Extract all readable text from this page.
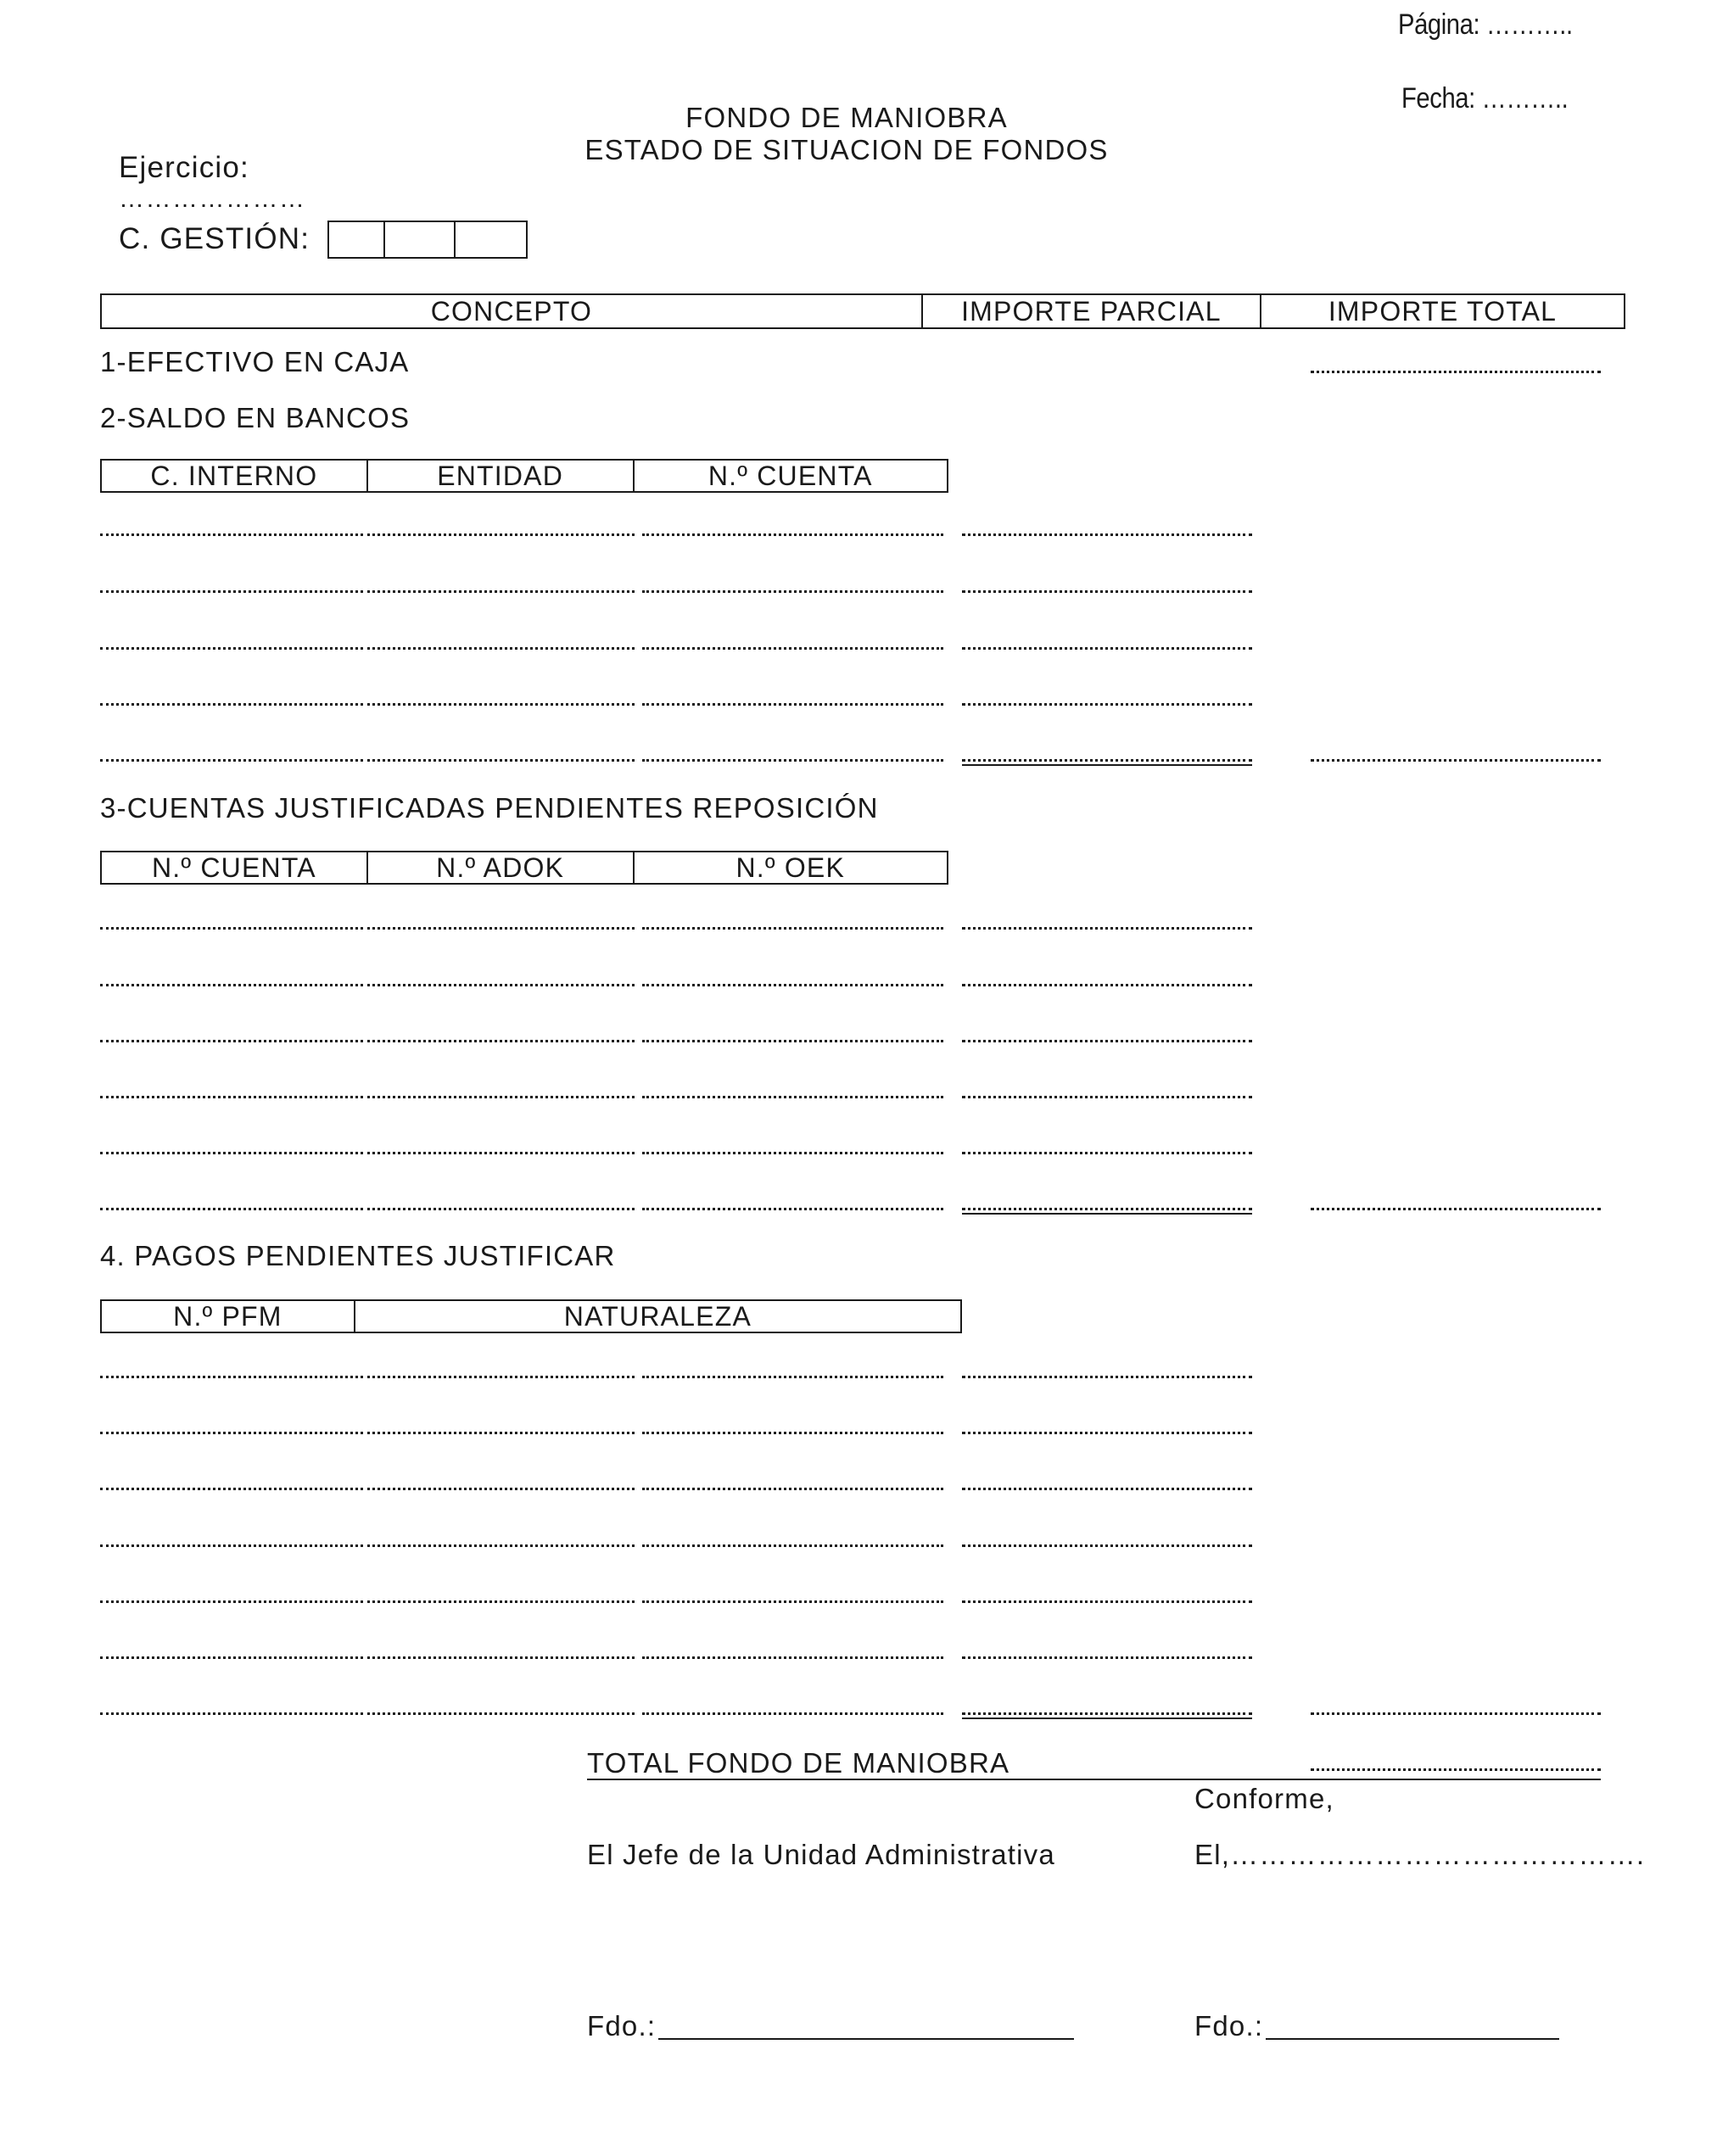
Página: ………..
Fecha: ………..
FONDO DE MANIOBRA
ESTADO DE SITUACION DE FONDOS
Ejercicio:
…………………
C. GESTIÓN:
CONCEPTO	IMPORTE PARCIAL	IMPORTE TOTAL
1-EFECTIVO EN CAJA
2-SALDO EN BANCOS
C. INTERNO	ENTIDAD	N.º CUENTA
3-CUENTAS JUSTIFICADAS PENDIENTES REPOSICIÓN
N.º CUENTA	N.º ADOK	N.º OEK
4. PAGOS PENDIENTES JUSTIFICAR
N.º PFM	NATURALEZA
TOTAL FONDO DE MANIOBRA
Conforme,
El Jefe de la Unidad Administrativa	El,…………………………………….
Fdo.:	Fdo.:
